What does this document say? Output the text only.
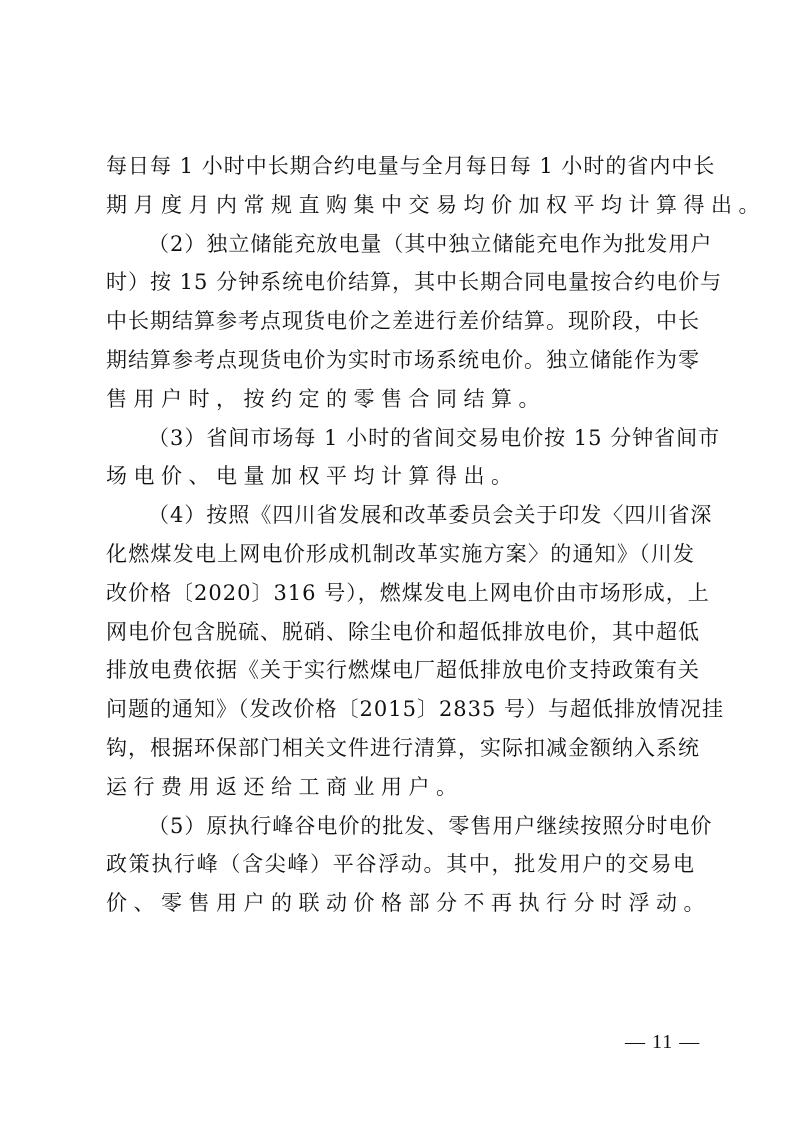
每日每 1 小时中长期合约电量与全月每日每 1 小时的省内中长
期月度月内常规直购集中交易均价加权平均计算得出。
（2）独立储能充放电量（其中独立储能充电作为批发用户
时）按 15 分钟系统电价结算，其中长期合同电量按合约电价与
中长期结算参考点现货电价之差进行差价结算。现阶段，中长
期结算参考点现货电价为实时市场系统电价。独立储能作为零
售用户时，按约定的零售合同结算。
（3）省间市场每 1 小时的省间交易电价按 15 分钟省间市
场电价、电量加权平均计算得出。
（4）按照《四川省发展和改革委员会关于印发〈四川省深
化燃煤发电上网电价形成机制改革实施方案〉的通知》（川发
改价格〔2020〕316 号），燃煤发电上网电价由市场形成，上
网电价包含脱硫、脱硝、除尘电价和超低排放电价，其中超低
排放电费依据《关于实行燃煤电厂超低排放电价支持政策有关
问题的通知》（发改价格〔2015〕2835 号）与超低排放情况挂
钩，根据环保部门相关文件进行清算，实际扣减金额纳入系统
运行费用返还给工商业用户。
（5）原执行峰谷电价的批发、零售用户继续按照分时电价
政策执行峰（含尖峰）平谷浮动。其中，批发用户的交易电
价、零售用户的联动价格部分不再执行分时浮动。
— 11 —
